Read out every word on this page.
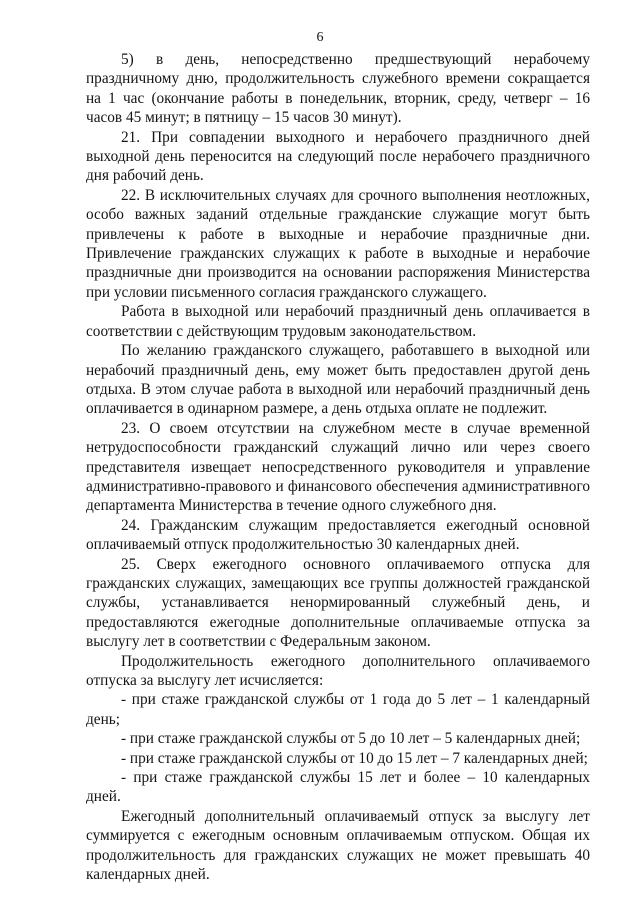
6

5) в день, непосредственно предшествующий нерабочему праздничному дню, продолжительность служебного времени сокращается на 1 час (окончание работы в понедельник, вторник, среду, четверг – 16 часов 45 минут; в пятницу – 15 часов 30 минут).

21. При совпадении выходного и нерабочего праздничного дней выходной день переносится на следующий после нерабочего праздничного дня рабочий день.

22. В исключительных случаях для срочного выполнения неотложных, особо важных заданий отдельные гражданские служащие могут быть привлечены к работе в выходные и нерабочие праздничные дни. Привлечение гражданских служащих к работе в выходные и нерабочие праздничные дни производится на основании распоряжения Министерства при условии письменного согласия гражданского служащего.

Работа в выходной или нерабочий праздничный день оплачивается в соответствии с действующим трудовым законодательством.

По желанию гражданского служащего, работавшего в выходной или нерабочий праздничный день, ему может быть предоставлен другой день отдыха. В этом случае работа в выходной или нерабочий праздничный день оплачивается в одинарном размере, а день отдыха оплате не подлежит.

23. О своем отсутствии на служебном месте в случае временной нетрудоспособности гражданский служащий лично или через своего представителя извещает непосредственного руководителя и управление административно-правового и финансового обеспечения административного департамента Министерства в течение одного служебного дня.

24. Гражданским служащим предоставляется ежегодный основной оплачиваемый отпуск продолжительностью 30 календарных дней.

25. Сверх ежегодного основного оплачиваемого отпуска для гражданских служащих, замещающих все группы должностей гражданской службы, устанавливается ненормированный служебный день, и предоставляются ежегодные дополнительные оплачиваемые отпуска за выслугу лет в соответствии с Федеральным законом.

Продолжительность ежегодного дополнительного оплачиваемого отпуска за выслугу лет исчисляется:

- при стаже гражданской службы от 1 года до 5 лет – 1 календарный день;

- при стаже гражданской службы от 5 до 10 лет – 5 календарных дней;

- при стаже гражданской службы от 10 до 15 лет – 7 календарных дней;

- при стаже гражданской службы 15 лет и более – 10 календарных дней.

Ежегодный дополнительный оплачиваемый отпуск за выслугу лет суммируется с ежегодным основным оплачиваемым отпуском. Общая их продолжительность для гражданских служащих не может превышать 40 календарных дней.
